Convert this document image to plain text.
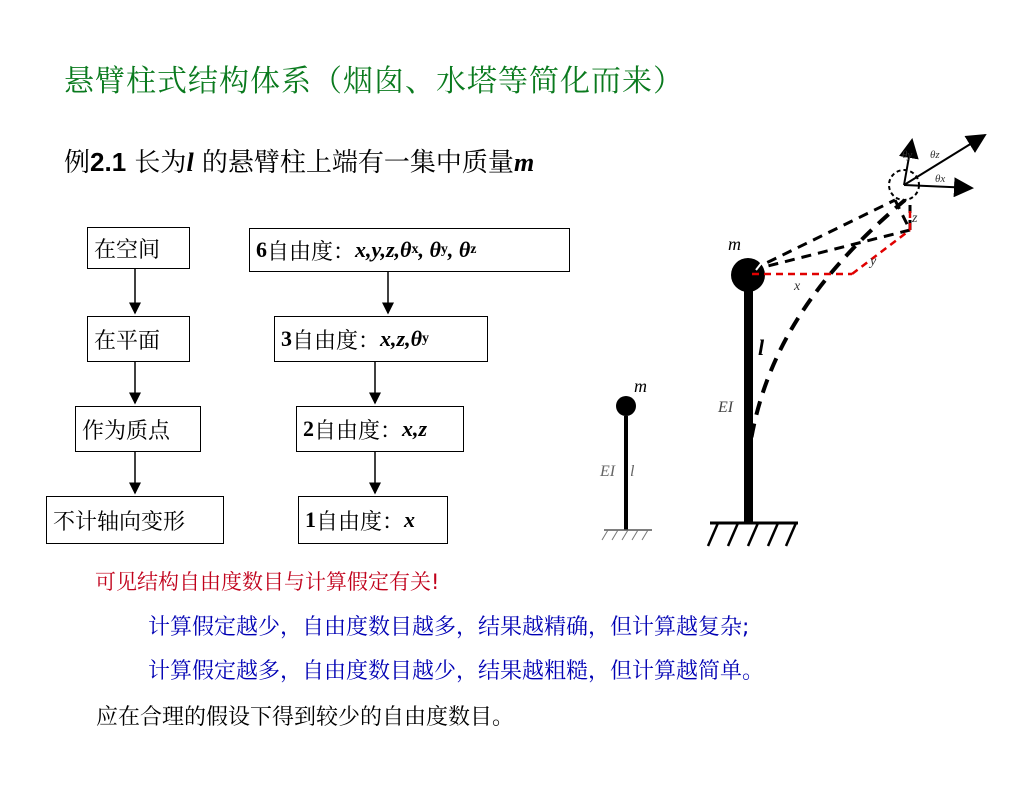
悬臂柱式结构体系（烟囱、水塔等简化而来）
例2.1 长为l 的悬臂柱上端有一集中质量m
在空间
在平面
作为质点
不计轴向变形
6 自由度： x,y,z, θ x , θ y , θ z
3 自由度： x,z, θ y
2 自由度： x,z
1 自由度： x
m
EI l
m
l
EI
x
y
z
θz
θx
θy
可见结构自由度数目与计算假定有关!
计算假定越少，自由度数目越多，结果越精确，但计算越复杂;
计算假定越多，自由度数目越少，结果越粗糙，但计算越简单。
应在合理的假设下得到较少的自由度数目。
